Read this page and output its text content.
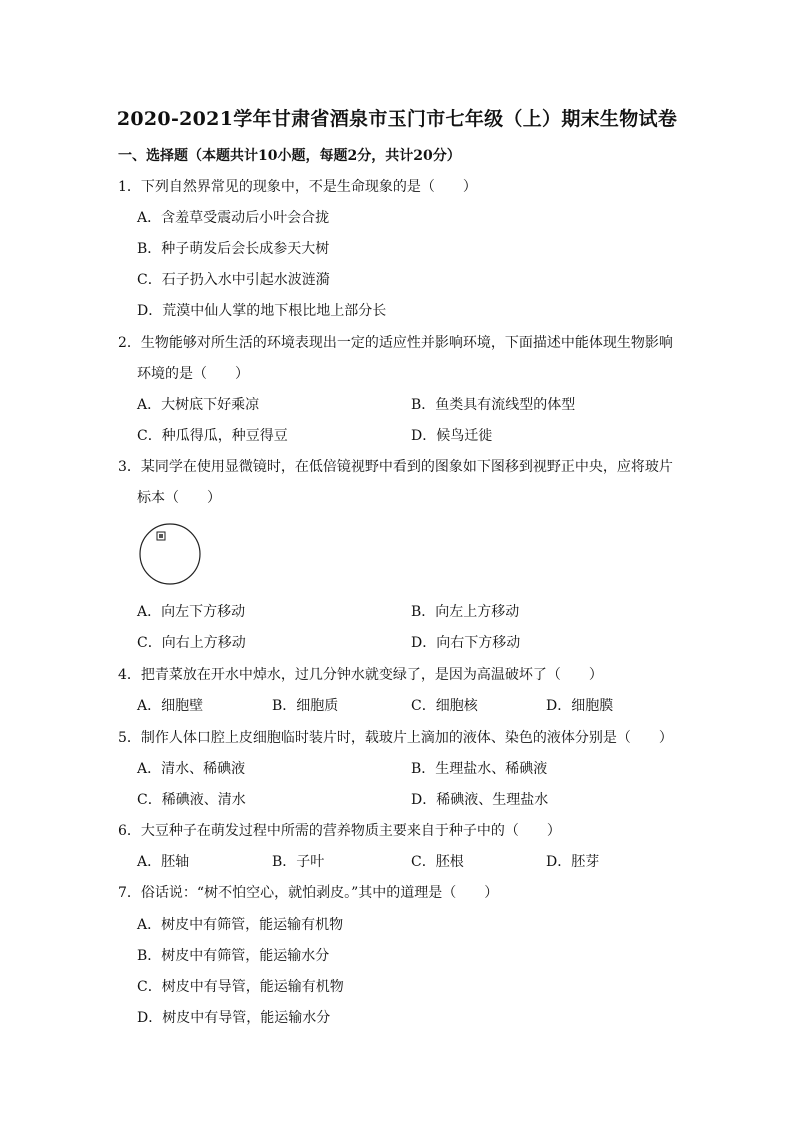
2020-2021学年甘肃省酒泉市玉门市七年级（上）期末生物试卷
一、选择题（本题共计10小题，每题2分，共计20分）
1．下列自然界常见的现象中，不是生命现象的是（　　）
A．含羞草受震动后小叶会合拢
B．种子萌发后会长成参天大树
C．石子扔入水中引起水波涟漪
D．荒漠中仙人掌的地下根比地上部分长
2．生物能够对所生活的环境表现出一定的适应性并影响环境，下面描述中能体现生物影响
环境的是（　　）
A．大树底下好乘凉	B．鱼类具有流线型的体型
C．种瓜得瓜，种豆得豆	D．候鸟迁徙
3．某同学在使用显微镜时，在低倍镜视野中看到的图象如下图移到视野正中央，应将玻片
标本（　　）
A．向左下方移动	B．向左上方移动
C．向右上方移动	D．向右下方移动
4．把青菜放在开水中焯水，过几分钟水就变绿了，是因为高温破坏了（　　）
A．细胞壁	B．细胞质	C．细胞核	D．细胞膜
5．制作人体口腔上皮细胞临时装片时，载玻片上滴加的液体、染色的液体分别是（　　）
A．清水、稀碘液	B．生理盐水、稀碘液
C．稀碘液、清水	D．稀碘液、生理盐水
6．大豆种子在萌发过程中所需的营养物质主要来自于种子中的（　　）
A．胚轴	B．子叶	C．胚根	D．胚芽
7．俗话说：“树不怕空心，就怕剥皮。”其中的道理是（　　）
A．树皮中有筛管，能运输有机物
B．树皮中有筛管，能运输水分
C．树皮中有导管，能运输有机物
D．树皮中有导管，能运输水分
